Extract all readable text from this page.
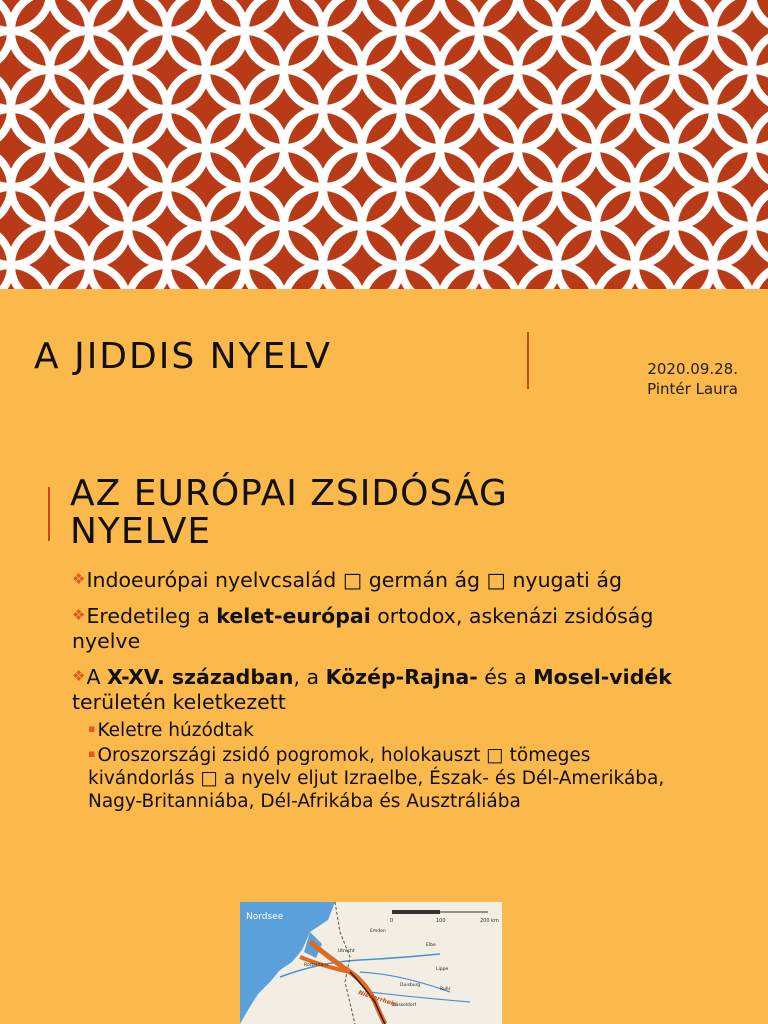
A JIDDIS NYELV	2020.09.28.
Pintér Laura
AZ EURÓPAI ZSIDÓSÁG
NYELVE

❖Indoeurópai nyelvcsalád □ germán ág □ nyugati ág

❖Eredetileg a kelet-európai ortodox, askenázi zsidóság nyelve

❖A X-XV. században, a Közép-Rajna- és a Mosel-vidék területén keletkezett

▪ Keletre húzódtak

▪ Oroszországi zsidó pogromok, holokauszt □ tömeges kivándorlás □ a nyelv eljut Izraelbe, Észak- és Dél-Amerikába, Nagy-Britanniába, Dél-Afrikába és Ausztráliába

0	100	200 km
Nordsee
Rotterdam
Utrecht
Emden
Elbe
Ruhr
Lippe
Duisburg
Düsseldorf
Niederrhein
